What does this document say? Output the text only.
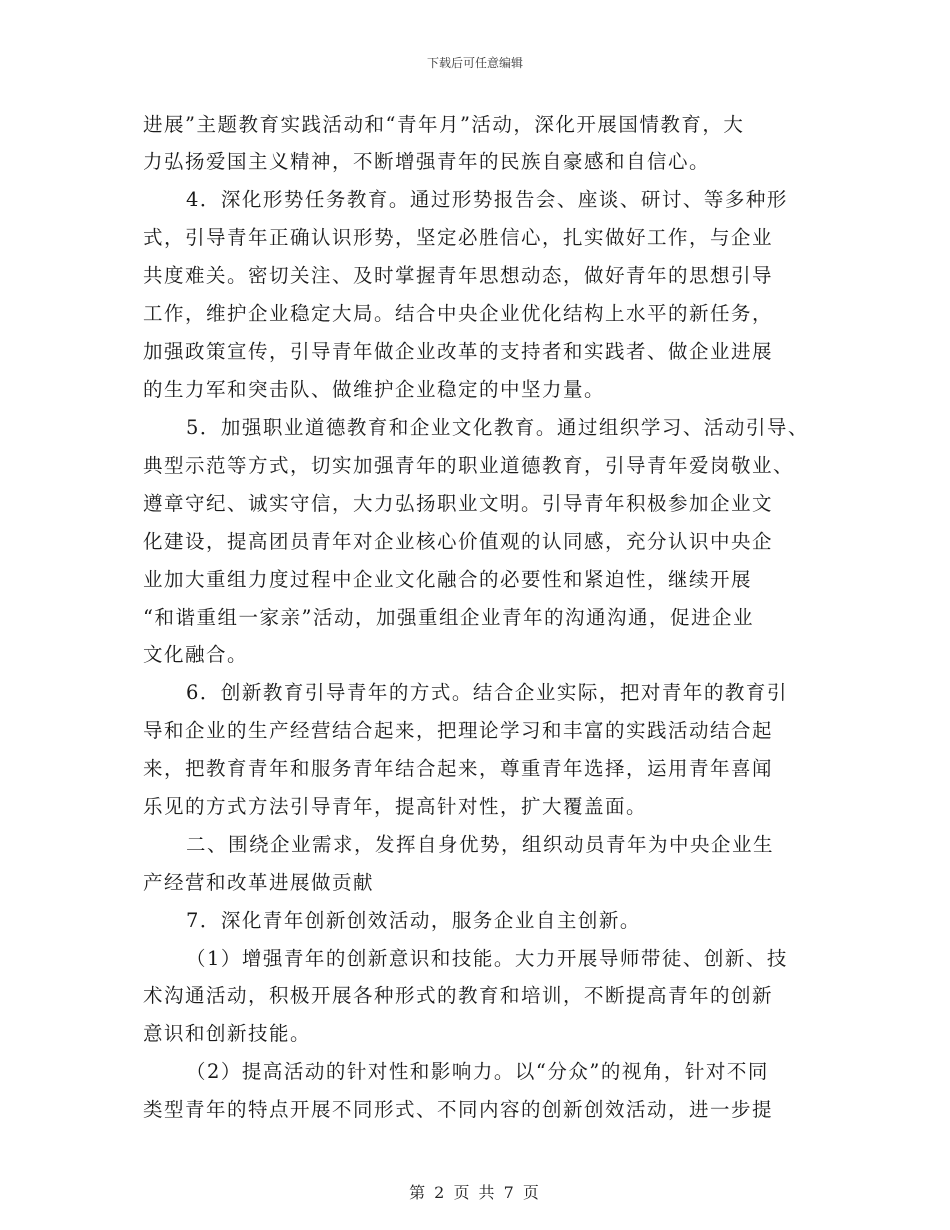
下载后可任意编辑
进展”主题教育实践活动和“青年月”活动，深化开展国情教育，大
力弘扬爱国主义精神，不断增强青年的民族自豪感和自信心。
4．深化形势任务教育。通过形势报告会、座谈、研讨、等多种形
式，引导青年正确认识形势，坚定必胜信心，扎实做好工作，与企业
共度难关。密切关注、及时掌握青年思想动态，做好青年的思想引导
工作，维护企业稳定大局。结合中央企业优化结构上水平的新任务，
加强政策宣传，引导青年做企业改革的支持者和实践者、做企业进展
的生力军和突击队、做维护企业稳定的中坚力量。
5．加强职业道德教育和企业文化教育。通过组织学习、活动引导、
典型示范等方式，切实加强青年的职业道德教育，引导青年爱岗敬业、
遵章守纪、诚实守信，大力弘扬职业文明。引导青年积极参加企业文
化建设，提高团员青年对企业核心价值观的认同感，充分认识中央企
业加大重组力度过程中企业文化融合的必要性和紧迫性，继续开展
“和谐重组一家亲”活动，加强重组企业青年的沟通沟通，促进企业
文化融合。
6．创新教育引导青年的方式。结合企业实际，把对青年的教育引
导和企业的生产经营结合起来，把理论学习和丰富的实践活动结合起
来，把教育青年和服务青年结合起来，尊重青年选择，运用青年喜闻
乐见的方式方法引导青年，提高针对性，扩大覆盖面。
二、围绕企业需求，发挥自身优势，组织动员青年为中央企业生
产经营和改革进展做贡献
7．深化青年创新创效活动，服务企业自主创新。
（1）增强青年的创新意识和技能。大力开展导师带徒、创新、技
术沟通活动，积极开展各种形式的教育和培训，不断提高青年的创新
意识和创新技能。
（2）提高活动的针对性和影响力。以“分众”的视角，针对不同
类型青年的特点开展不同形式、不同内容的创新创效活动，进一步提
第 2 页 共 7 页
